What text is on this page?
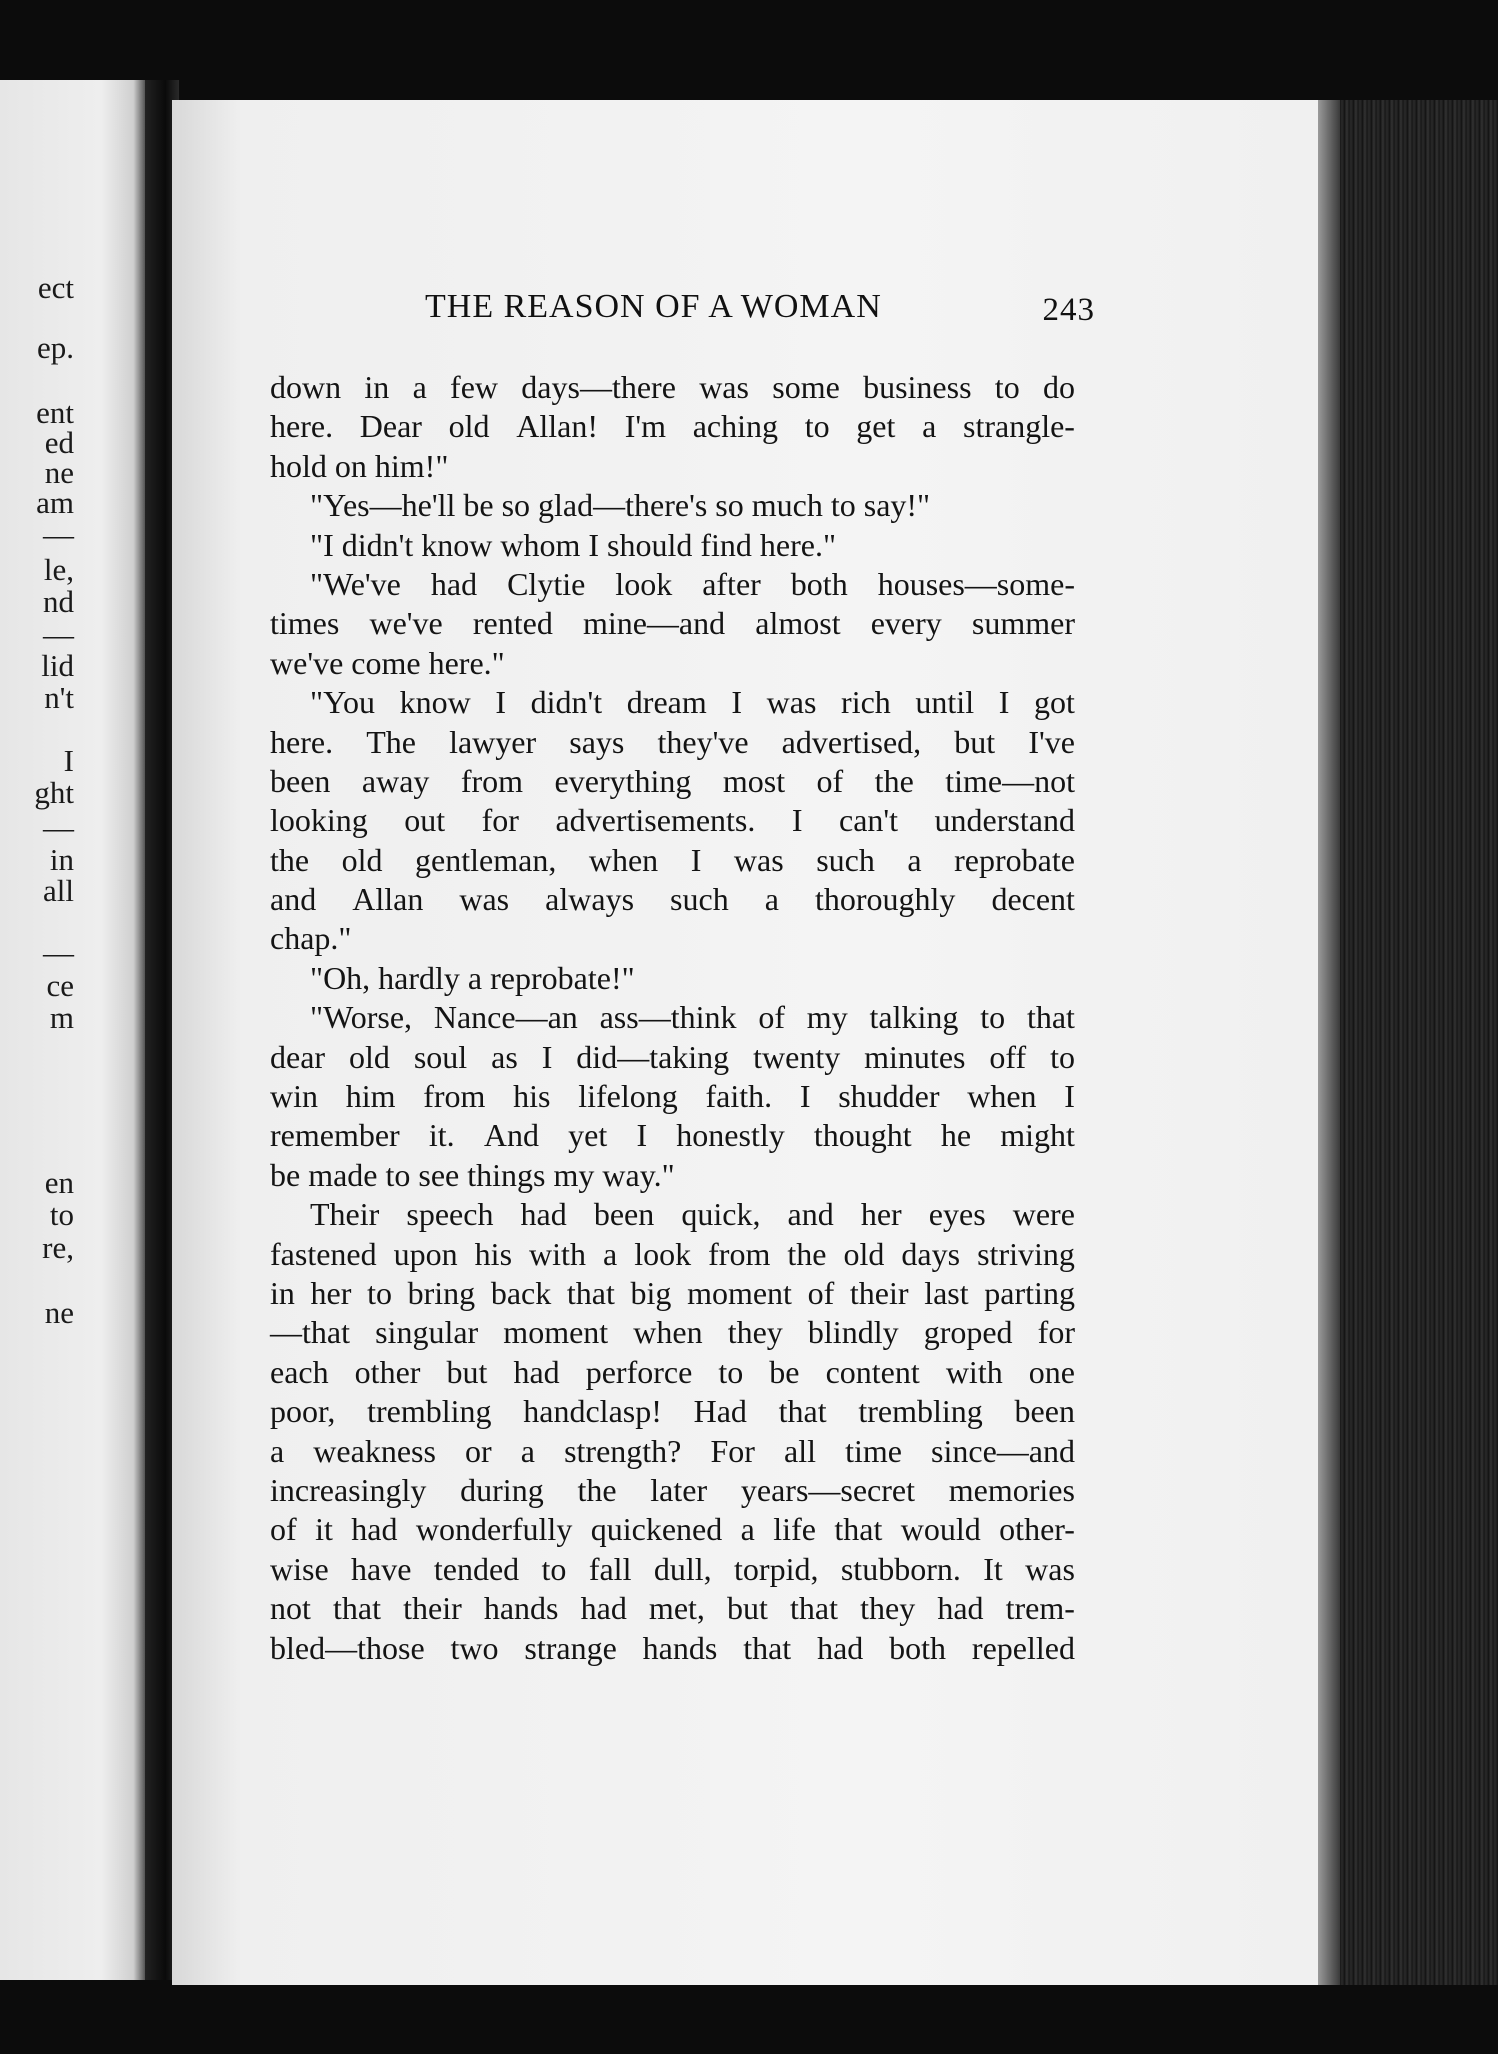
ect
ep.
ent
ed
ne
am
—
le,
nd
—
lid
n't
I
ght
—
in
all
—
ce
m
en
to
re,
ne
THE REASON OF A WOMAN	243
down in a few days—there was some business to do
here. Dear old Allan! I'm aching to get a strangle-
hold on him!"
"Yes—he'll be so glad—there's so much to say!"
"I didn't know whom I should find here."
"We've had Clytie look after both houses—some-
times we've rented mine—and almost every summer
we've come here."
"You know I didn't dream I was rich until I got
here. The lawyer says they've advertised, but I've
been away from everything most of the time—not
looking out for advertisements. I can't understand
the old gentleman, when I was such a reprobate
and Allan was always such a thoroughly decent
chap."
"Oh, hardly a reprobate!"
"Worse, Nance—an ass—think of my talking to that
dear old soul as I did—taking twenty minutes off to
win him from his lifelong faith. I shudder when I
remember it. And yet I honestly thought he might
be made to see things my way."
Their speech had been quick, and her eyes were
fastened upon his with a look from the old days striving
in her to bring back that big moment of their last parting
—that singular moment when they blindly groped for
each other but had perforce to be content with one
poor, trembling handclasp! Had that trembling been
a weakness or a strength? For all time since—and
increasingly during the later years—secret memories
of it had wonderfully quickened a life that would other-
wise have tended to fall dull, torpid, stubborn. It was
not that their hands had met, but that they had trem-
bled—those two strange hands that had both repelled
